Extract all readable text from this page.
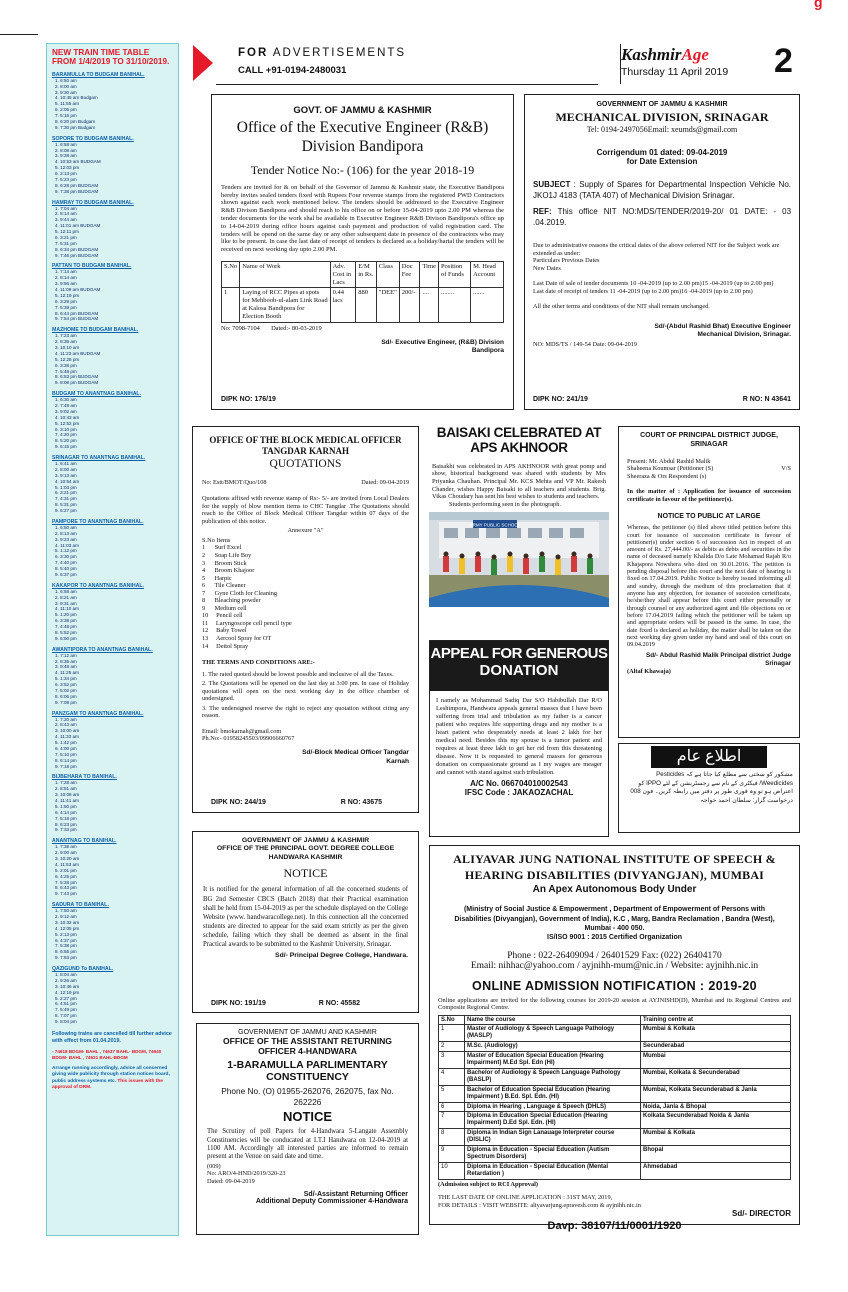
g
FOR ADVERTISEMENTS
CALL +91-0194-2480031
KashmirAge
Thursday 11 April 2019 2
NEW TRAIN TIME TABLE FROM 1/4/2019 TO 31/10/2019.
BARAMULLA TO BUDGAM BANIHAL.
1. 6:50 am
2. 8:00 am
3. 9:30 am
4. 10:45 am Budgam
5. 11:55 am
6. 2:05 pm
7. 5:15 pm
8. 6:20 pm Budgam
9. 7:30 pm Budgam
SOPORE TO BUDGAM BANIHAL.
1. 6:58 am
2. 8:08 am
3. 9:38 am
4. 10:53 am BUDGAM
5. 12:03 pm
6. 2:13 pm
7. 5:23 pm
8. 6:28 pm BUDGAM
9. 7:38 pm BUDGAM
HAMRAY TO BUDGAM BANIHAL.
1. 7:04 am
2. 8:14 am
3. 9:44 am
4. 11:01 am BUDGAM
5. 12:11 pm
6. 3:21 pm
7. 5:31 pm
8. 6:34 pm BUDGAM
9. 7:46 pm BUDGAM
PATTAN TO BUDGAM BANIHAL.
1. 7:14 am
2. 8:14 am
3. 9:56 am
4. 11:09 am BUDGAM
5. 12:19 pm
6. 3:29 pm
7. 5:39 pm
8. 6:44 pm BUDGAM
9. 7:54 pm BUDGAM
MAZHOME TO BUDGAM BANIHAL.
1. 7:23 am
2. 8:35 am
3. 10:10 am
4. 11:23 am BUDGAM
5. 12:28 pm
6. 3:38 pm
7. 5:48 pm
8. 6:53 pm BUDGAM
9. 8:08 pm BUDGAM
BUDGAM TO ANANTNAG BANIHAL.
1. 6:30 am
2. 7:48 am
3. 9:02 am
4. 10:43 am
5. 12:52 pm
6. 3:10 pm
7. 4:20 pm
8. 5:20 pm
9. 6:15 pm
SRINAGAR TO ANANTNAG BANIHAL.
1. 6:41 am
2. 8:00 am
3. 9:13 am
4. 10:54 am
5. 1:03 pm
6. 3:21 pm
7. 4:31 pm
8. 5:31 pm
9. 6:27 pm
PAMPORE TO ANANTNAG BANIHAL.
1. 6:50 am
2. 8:13 am
3. 9:23 am
4. 11:03 am
5. 1:12 pm
6. 3:30 pm
7. 4:40 pm
8. 5:40 pm
9. 6:37 pm
KAKAPOR TO ANANTNAG BANIHAL.
1. 6:58 am
2. 8:21 am
3. 9:31 am
4. 11:10 am
5. 1:20 pm
6. 3:38 pm
7. 4:48 pm
8. 5:52 pm
9. 6:50 pm
AWANTIPORA TO ANANTNAG BANIHAL.
1. 7:12 am
2. 8:35 am
3. 9:48 am
4. 11:25 am
5. 1:34 pm
6. 3:52 pm
7. 5:02 pm
8. 6:06 pm
9. 7:08 pm
PANZGAM TO ANANTNAG BANIHAL.
1. 7:20 am
2. 8:43 am
3. 10:00 am
4. 11:33 am
5. 1:42 pm
6. 4:00 pm
7. 5:10 pm
8. 6:14 pm
9. 7:18 pm
BIJBEHARA TO BANIHAL.
1. 7:28 am
2. 8:51 am
3. 10:08 am
4. 11:41 am
5. 1:50 pm
6. 4:14 pm
7. 5:18 pm
8. 6:23 pm
9. 7:33 pm
ANANTNAG TO BANIHAL.
1. 7:38 am
2. 9:00 am
3. 10:20 am
4. 11:53 am
5. 2:01 pm
6. 4:25 pm
7. 5:28 pm
8. 6:43 pm
9. 7:43 pm
SADURA TO BANIHAL.
1. 7:50 am
2. 9:12 am
3. 10:32 am
4. 12:05 pm
5. 2:13 pm
6. 4:37 pm
7. 5:38 pm
8. 6:55 pm
9. 7:53 pm
QAZIGUND To BANIHAL.
1. 8:04 am
2. 9:26 am
3. 10:46 am
4. 12:19 pm
5. 2:27 pm
6. 4:51 pm
7. 5:49 pm
8. 7:07 pm
9. 8:04 pm
Following trains are cancelled till further advice with effect from 01.04.2019.
- 74618 BDGM- BAHL , 74637 BAHL- BDGM, 74640 BDGM- BAHL , 74631 BAHL-BDGM
Arrange running accordingly, advice all concerned giving wide publicity through station notices board, public address systems etc. This issues with the approval of DRM.
GOVT. OF JAMMU & KASHMIR
Office of the Executive Engineer (R&B) Division Bandipora
Tender Notice No:- (106) for the year 2018-19

Tenders are invited for & on behalf of the Governor of Jammu & Kashmir state, the Executive Bandipora hereby invites sealed tenders fixed with Rupees Four revenue stamps from the registered PWD Contractors shown against each work mentioned below. The tenders should be addressed to the Executive Engineer R&B Divison Bandipora and should reach to his office on or before 15-04-2019 upto 2.00 PM whereas the tender documents for the work shal be available in Executive Engineer R&B Divison Bandipora's office up to 14-04-2019 during office hours against cash payment and production of valid registration card. The tenders will be opend on the same day or any other subsequent date in presence of the contractors who may like to be present. In case the last date of receipt of tenders is declared as a holiday/hartal the tenders will be received on next working day upto 2.00 PM.

S.No	Name of Work	Adv. Cost in Lacs	E/M in Rs.	Class	Doc Fee	Time	Position of Funds	M. Head Account
1	Laying of RCC Pipes at spots for Mehboob-ul-alam Link Road at Kalosa Bandipora for Election Booth	0.44 lacs	880	"DEE"	200/-	....	........	.......
No: 7098-7104 Dated:- 80-03-2019
Sd/- Executive Engineer, (R&B) Division Bandipora
DIPK NO: 176/19
GOVERNMENT OF JAMMU & KASHMIR
MECHANICAL DIVISION, SRINAGAR
Tel: 0194-2497056Email: xeumds@gmail.com
Corrigendum 01 dated: 09-04-2019
for Date Extension

SUBJECT : Supply of Spares for Departmental Inspection Vehicle No. JKO1J 4183 (TATA 407) of Mechanical Division Srinagar.

REF: This office NIT NO:MDS/TENDER/2019-20/ 01 DATE: - 03 .04.2019.

Due to administrative reasons the critical dates of the above referred NIT for the Subject work are extended as under:

Particulars Previous Dates
New Dates
Last Date of sale of tender documents 10 -04-2019 (up to 2.00 pm)15 -04-2019 (up to 2.00 pm)
Last date of receipt of tenders 11 -04-2019 (up to 2.00 pm)16 -04-2019 (up to 2.00 pm)
All the other terms and conditions of the NIT shall remain unchanged.
Sd/-(Abdul Rashid Bhat) Executive Engineer Mechanical Division, Srinagar.
NO: MDS/TS / 149-54 Date: 09-04-2019
DIPK NO: 241/19	R NO: N 43641
OFFICE OF THE BLOCK MEDICAL OFFICER TANGDAR KARNAH
QUOTATIONS
No: Estt/BMOT/Quo/108	Dated: 09-04-2019

Quotations affixed with revenue stamp of Rs:- 5/- are invited from Local Dealers for the supply of blow mention items to CHC Tangdar .The Quotations should reach to the Office of Block Medical Officer Tangdar within 07 days of the publication of this notice.

Annexure "A"
S.No Items
1      Surf Excel
2      Soap Life Boy
3      Broom Stick
4      Broom Khajoor
5      Harpic
6      Tile Cleaner
7      Gyne Cloth for Cleaning
8      Bleaching powder
9      Medium cell
10     Pencil cell
11     Laryngoscope cell pencil type
12     Baby Towel
13     Aercool Spray for OT
14     Dettol Spray
THE TERMS AND CONDITIONS ARE:-
1. The rated quoted should be lowest possible and inclusive of all the Taxes.
2. The Quotations will be opened on the last day at 3:00 pm. In case of Holiday quotations will open on the next working day in the office chamber of undersigned.
3. The undersigned reserve the right to reject any quotation without citing any reason.
Email: bmokarnah@gmail.com
Ph.No:- 01958245503/09906660767
Sd/-Block Medical Officer Tangdar Karnah
DIPK NO: 244/19	R NO: 43675
BAISAKI CELEBRATED AT APS AKHNOOR

Baisakhi was celebrated in APS AKHNOOR with great pomp and show, historical background was shared with students by Mrs Priyanka Chauhan. Principal Mr. KCS Mehta and VP Mr. Rakesh Chander, wishes Happy Baisaki to all teachers and students. Brig. Vikas Choudary has sent his best wishes to students and teachers.

Students performing seen in the photograph.
ARMY PUBLIC SCHOOL
APPEAL FOR GENEROUS
DONATION

I namely as Mohammad Sadiq Dar S/O Habibullah Dar R/O Leshimpora, Handwara appeals general masses that I have been suffering from trial and tribulation as my father is a cancer patient who requires life supporting drugs and my mother is a heart patient who desperately needs at least 2 lakh for her medical need. Besides this my spouse is a tumor patient and requires at least three lakh to get her rid from this threatening disease. Now it is requested to general masses for generous donation on compassionate ground as I my wages are meager and cannot with stand against such tribulation.

A/C No. 066704010002543
IFSC Code : JAKAOZACHAL
COURT OF PRINCIPAL DISTRICT JUDGE, SRINAGAR
Present: Mr. Abdul Rashid Malik
Shaheena Koumsar (Petitioner (S)	V/S
Sheeraza & Ors Respondent (s)

In the matter of : Application for issuance of succession certificate in favour of the petitioner(s).

NOTICE TO PUBLIC AT LARGE

Whereas, the petitioner (s) filed above titled petition before this court for issuance of succession certificate in favour of petitioner(s) under section 6 of succession Act in respect of an amount of Rs. 27,444.00/- as debits as debts and securities in the name of deceased namely Khalida D/o Late Mohamad Rajab R/o Khajapora Nowshera who died on 30.01.2016. The petition is pending disposal before this court and the next date of hearing is fixed on 17.04.2019. Public Notice is hereby issued informing all and sundry, through the medium of this proclamation that if anyone has any objection, for issuance of sucession certeificate, he/she/they shall appear before this court either personally or through counsel or any authorized agent and file objections on or before 17.04.2019 failing which the petitioner will be taken up and appropriate orders will be passed in the same. In case, the date fixed is declared as holiday, the matter shall be taken on the next working day given under my hand and seal of this court on 09.04.2019

Sd/- Abdul Rashid Malik Principal district Judge Srinagar
(Altaf Khawaja)
اطلاع عام

مشکور کو سختی سے مطلع کیا جاتا ہے کہ Pesticides /Weedicides فیکٹری کے نام سے رجسٹریشن کے لئے IPPO کو اعتراض ہو تو وہ فوری طور پر دفتر میں رابطہ کریں۔ فون 008 درخواست گزار: سلطان احمد خواجہ

GOVERNMENT OF JAMMU & KASHMIR
OFFICE OF THE PRINCIPAL GOVT. DEGREE COLLEGE HANDWARA KASHMIR
NOTICE

It is notified for the general information of all the concerned students of BG 2nd Semester CBCS (Batch 2018) that their Practical examination shall be held from 15-04-2019 as per the schedule displayed on the College Website (www. handwaracollege.net). In this connection all the concerned students are directed to appear for the said exam strictly as per the given schedule, failing which they shall be deemed as absent in the final Practical awards to be submitted to the Kashmir University, Srinagar.

Sd/- Principal Degree College, Handwara.
DIPK NO: 191/19	R NO: 45582
GOVERNMENT OF JAMMU AND KASHMIR
OFFICE OF THE ASSISTANT RETURNING OFFICER 4-HANDWARA
1-BARAMULLA PARLIMENTARY CONSTITUENCY
Phone No. (O) 01955-262076, 262075, fax No. 262226
NOTICE

The Scrutiny of poll Papers for 4-Handwara 5-Langate Assembly Constituencies will be conducated at I.T.I Handwara on 12-04-2019 at 1100 AM. Accordingly all interested parties are informed to remain present at the Venue on said date and time.

(009)
No: ARO/4-HND/2019/320-23
Dated: 09-04-2019
Sd/-Assistant Returning Officer
Additional Deputy Commissioner 4-Handwara
ALIYAVAR JUNG NATIONAL INSTITUTE OF SPEECH & HEARING DISABILITIES (DIVYANGJAN), MUMBAI
An Apex Autonomous Body Under

(Ministry of Social Justice & Empowerment , Department of Empowerment of Persons with Disabilities (Divyangjan), Government of India), K.C , Marg, Bandra Reclamation , Bandra (West), Mumbai - 400 050.

IS/ISO 9001 : 2015 Certified Organization
Phone : 022-26409094 / 26401529 Fax: (022) 26404170
Email: nihhac@yahoo.com / ayjnihh-mum@nic.in / Website: ayjnihh.nic.in
ONLINE ADMISSION NOTIFICATION : 2019-20

Online applications are invited for the following courses for 2019-20 session at AYJNISHD(D), Mumbai and its Regional Centres and Composite Regional Centre.

S.No	Name the course	Training centre at
1	Master of Audiology & Speech Language Pathology (MASLP)	Mumbai & Kolkata
2	M.Sc. (Audiology)	Secunderabad
3	Master of Education Special Education (Hearing Impairment) M.Ed Spl. Edn (HI)	Mumbai
4	Bachelor of Audiology & Speech Language Pathology (BASLP)	Mumbai, Kolkata & Secunderabad
5	Bachelor of Education Special Education (Hearing Impairment ) B.Ed. Spl. Edn. (HI)	Mumbai, Kolkata Secunderabad & Janla
6	Diploma in Hearing , Language & Speech (DHLS)	Noida, Janla & Bhopal
7	Diploma in Education Special Education (Hearing Impairment) D.Ed Spl. Edn. (HI)	Kolkata Secunderabad Noida & Janla
8	Diploma in Indian Sign Lanauage Interpreter course (DISLIC)	Mumbai & Kolkata
9	Diploma in Education - Special Education (Autism Spectrum Disorders)	Bhopal
10	Diploma in Education - Special Education (Mental Retardation )	Ahmedabad
(Admission subject to RCI Approval)
THE LAST DATE OF ONLINE APPLICATION : 31ST MAY, 2019,
FOR DETAILS : VISIT WEBSITE: aliyavarjung.epravesh.com & ayjnihh.nic.in
Sd/- DIRECTOR
Davp: 38107/11/0001/1920
